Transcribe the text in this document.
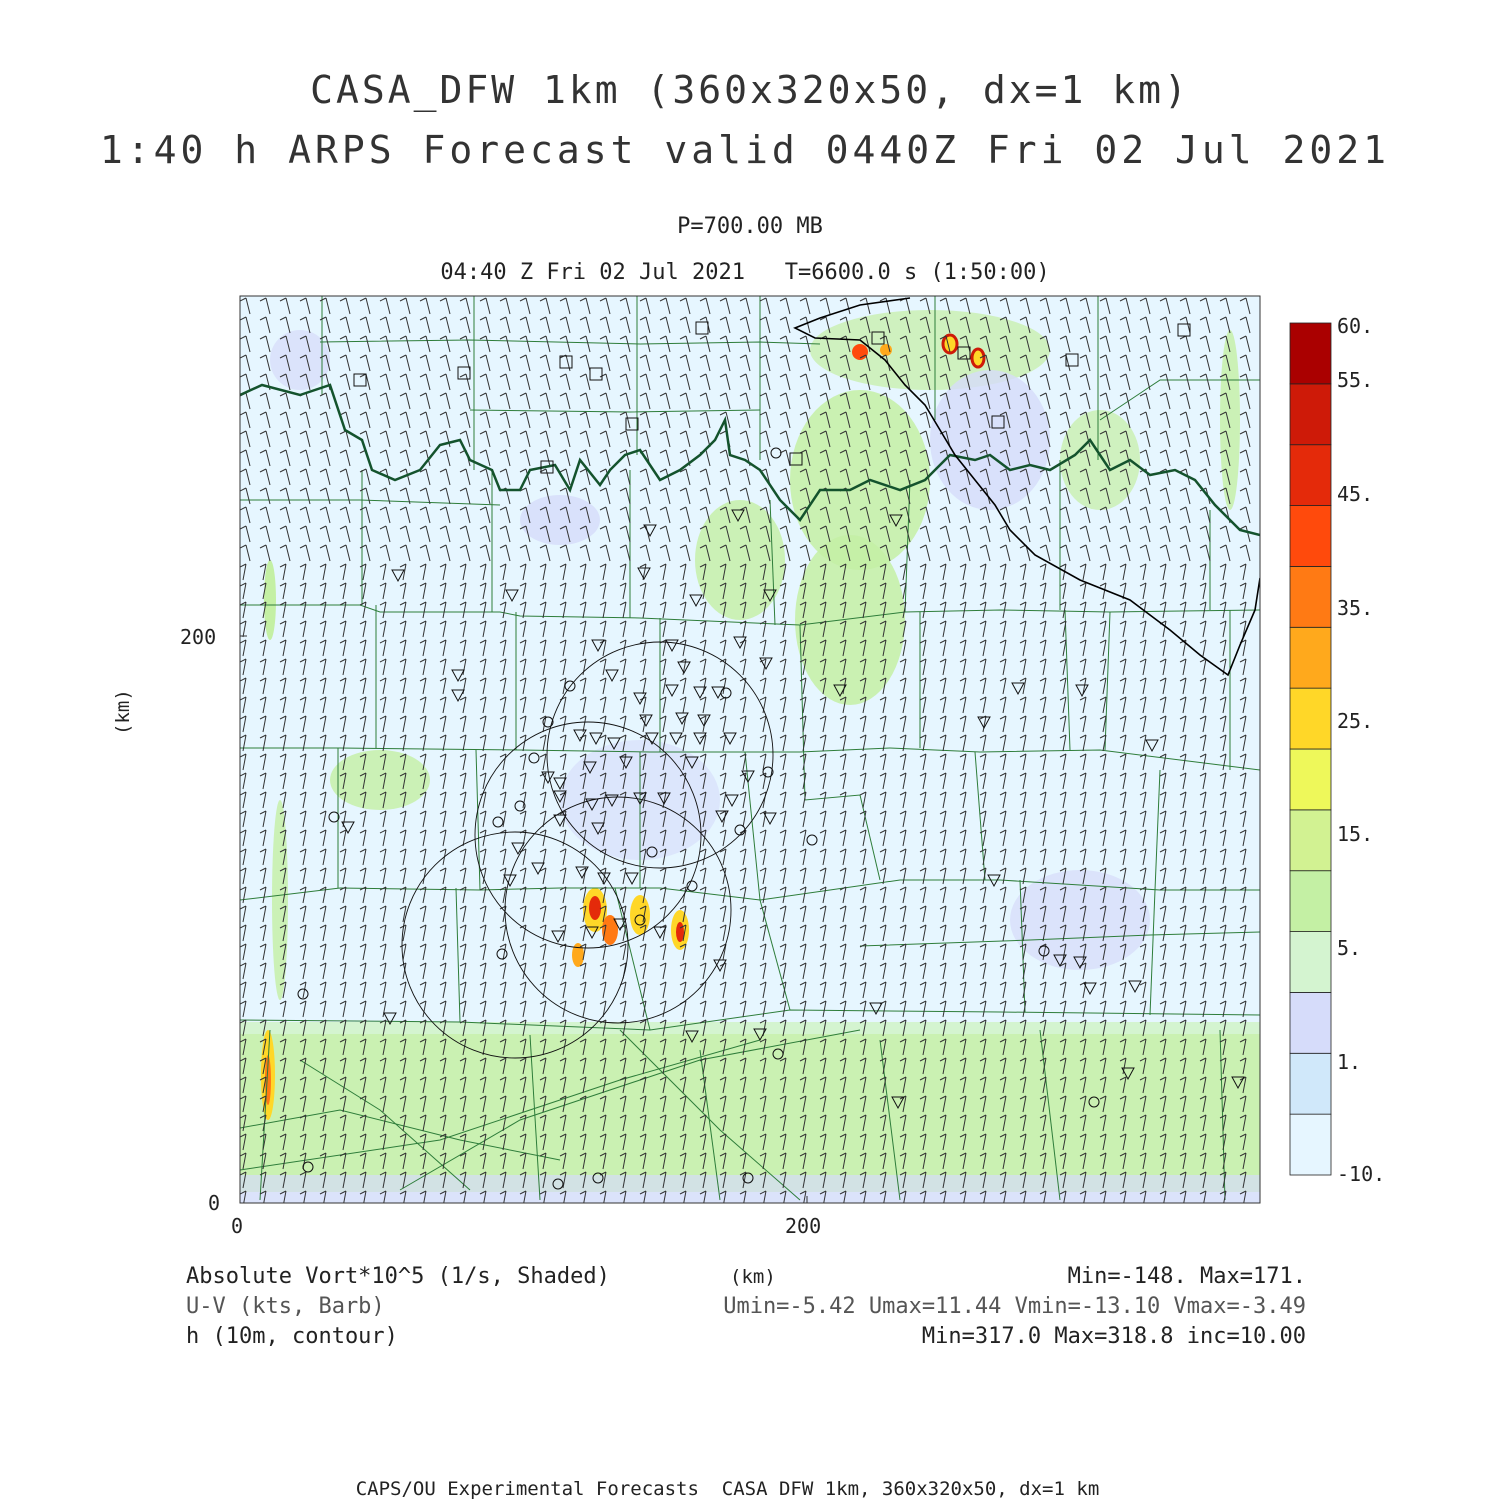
CASA_DFW 1km (360x320x50, dx=1 km)
1:40 h ARPS Forecast valid 0440Z Fri 02 Jul 2021
P=700.00 MB
04:40 Z Fri 02 Jul 2021   T=6600.0 s (1:50:00)
200
0
0	200
(km)
(km)
60.
55.
45.
35.
25.
15.
5.
1.
-10.
Absolute Vort*10^5 (1/s, Shaded)
U-V (kts, Barb)
h (10m, contour)
Min=-148. Max=171.
Umin=-5.42 Umax=11.44 Vmin=-13.10 Vmax=-3.49
Min=317.0 Max=318.8 inc=10.00
CAPS/OU Experimental Forecasts  CASA DFW 1km, 360x320x50, dx=1 km
